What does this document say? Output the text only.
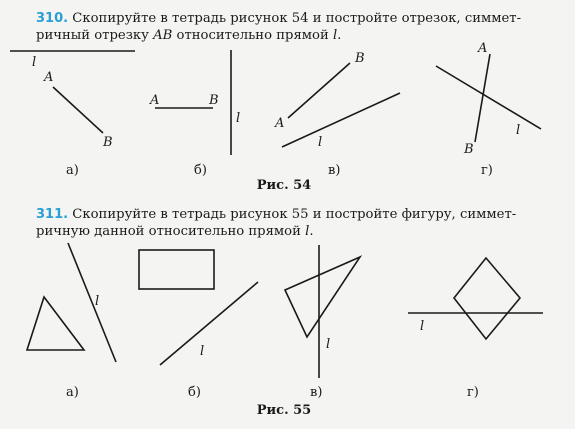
310. Скопируйте в тетрадь рисунок 54 и постройте отрезок, симмет-
ричный отрезку AB относительно прямой l.
l
A
B
A	B
l	A
B
l
A
B
l
а)	б)	в)	г)
Рис. 54
311. Скопируйте в тетрадь рисунок 55 и постройте фигуру, симмет-
ричную данной относительно прямой l.
l
l	l
l
а)	б)	в)	г)
Рис. 55
